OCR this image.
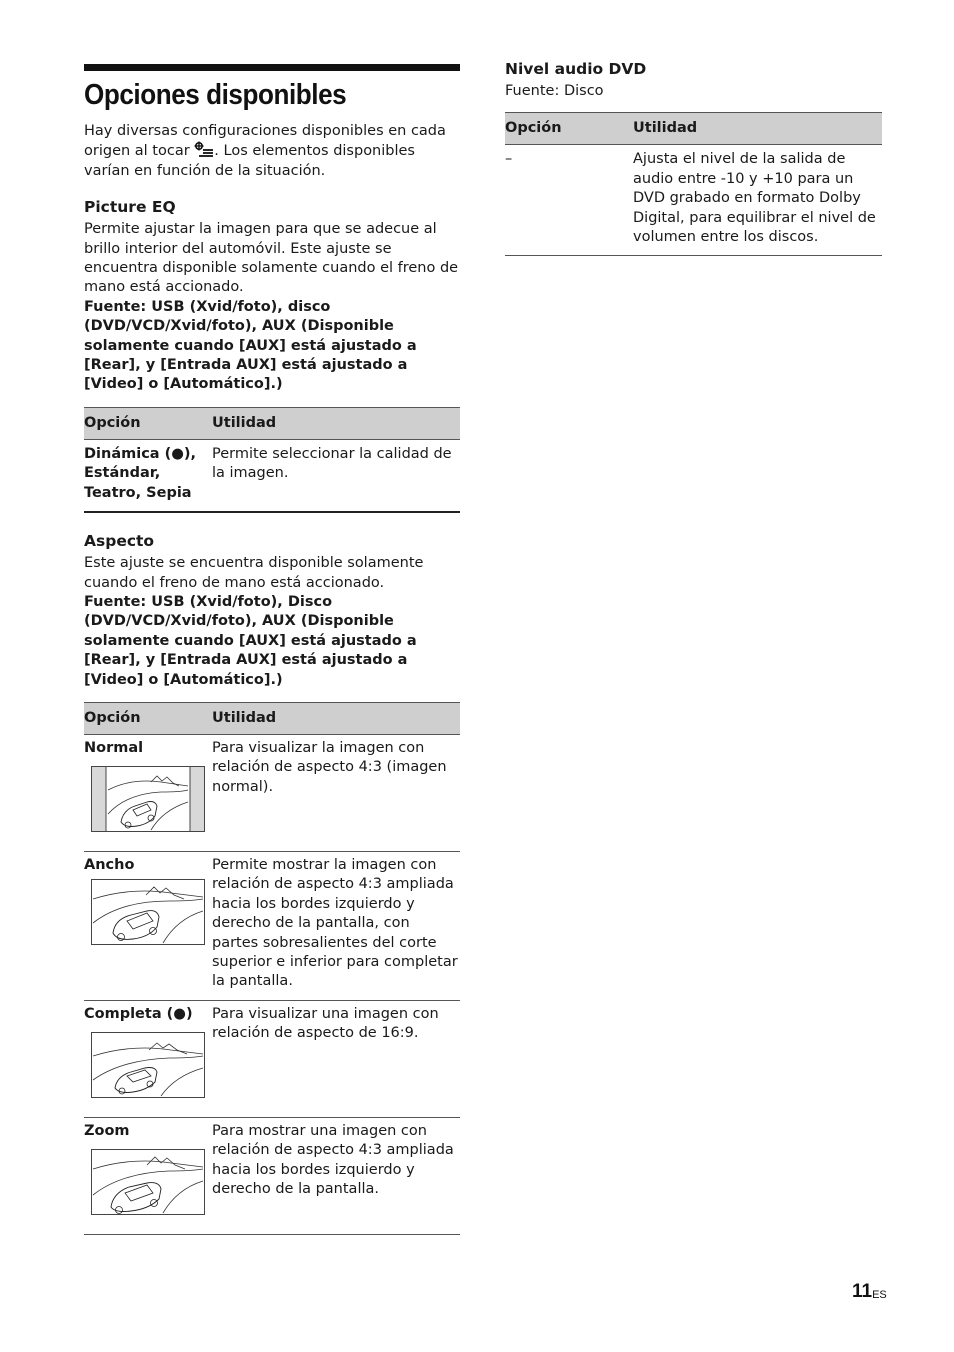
Opciones disponibles

Hay diversas configuraciones disponibles en cada origen al tocar . Los elementos disponibles varían en función de la situación.

Picture EQ

Permite ajustar la imagen para que se adecue al brillo interior del automóvil. Este ajuste se encuentra disponible solamente cuando el freno de mano está accionado.

Fuente: USB (Xvid/foto), disco (DVD/VCD/Xvid/foto), AUX (Disponible solamente cuando [AUX] está ajustado a [Rear], y [Entrada AUX] está ajustado a [Video] o [Automático].)

Opción	Utilidad
Dinámica (●), Estándar, Teatro, Sepia	Permite seleccionar la calidad de la imagen.
Aspecto

Este ajuste se encuentra disponible solamente cuando el freno de mano está accionado.

Fuente: USB (Xvid/foto), Disco (DVD/VCD/Xvid/foto), AUX (Disponible solamente cuando [AUX] está ajustado a [Rear], y [Entrada AUX] está ajustado a [Video] o [Automático].)

Opción	Utilidad

Normal	Para visualizar la imagen con relación de aspecto 4:3 (imagen normal).

Ancho	Permite mostrar la imagen con relación de aspecto 4:3 ampliada hacia los bordes izquierdo y derecho de la pantalla, con partes sobresalientes del corte superior e inferior para completar la pantalla.

Completa (●)	Para visualizar una imagen con relación de aspecto de 16:9.

Zoom	Para mostrar una imagen con relación de aspecto 4:3 ampliada hacia los bordes izquierdo y derecho de la pantalla.
Nivel audio DVD

Fuente: Disco

Opción	Utilidad
–	Ajusta el nivel de la salida de audio entre -10 y +10 para un DVD grabado en formato Dolby Digital, para equilibrar el nivel de volumen entre los discos.
$11_{ES}$
